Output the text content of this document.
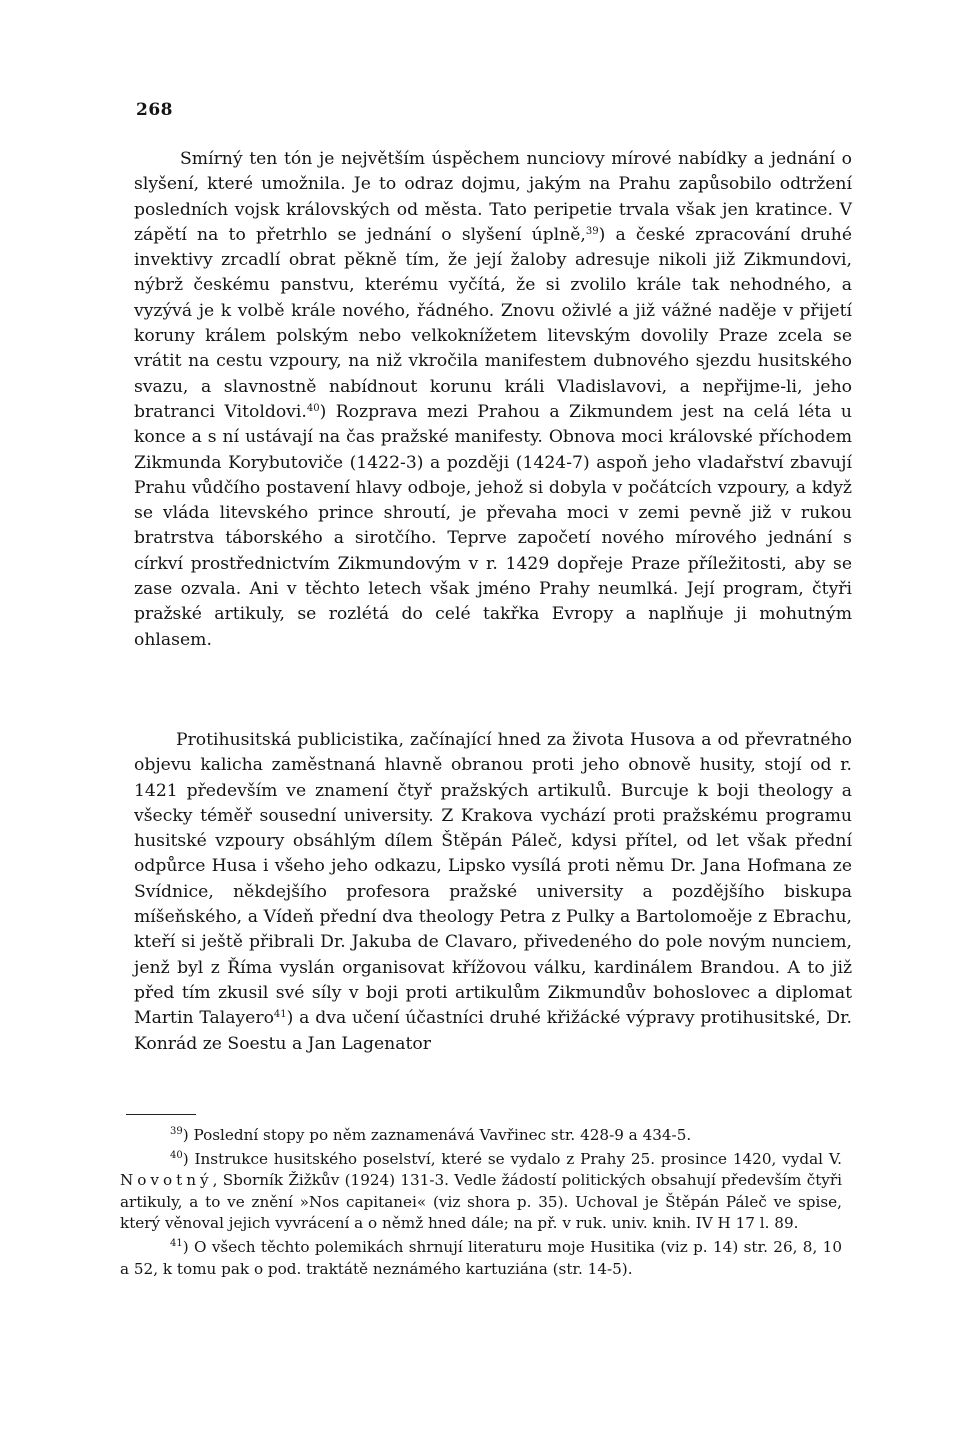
268

Smírný ten tón je největším úspěchem nunciovy mírové nabídky a jednání o slyšení, které umožnila. Je to odraz dojmu, jakým na Prahu zapůsobilo odtržení posledních vojsk královských od města. Tato peripetie trvala však jen kratince. V zápětí na to přetrhlo se jednání o slyšení úplně,$^{39}$) a české zpracování druhé invektivy zrcadlí obrat pěkně tím, že její žaloby adresuje nikoli již Zikmundovi, nýbrž českému panstvu, kterému vyčítá, že si zvolilo krále tak nehodného, a vyzývá je k volbě krále nového, řádného. Znovu oživlé a již vážné naděje v přijetí koruny králem polským nebo velkoknížetem litevským dovolily Praze zcela se vrátit na cestu vzpoury, na niž vkročila manifestem dubnového sjezdu husitského svazu, a slavnostně nabídnout korunu králi Vladislavovi, a nepřijme-li, jeho bratranci Vitoldovi.$^{40}$) Rozprava mezi Prahou a Zikmundem jest na celá léta u konce a s ní ustávají na čas pražské manifesty. Obnova moci královské příchodem Zikmunda Korybutoviče (1422-3) a později (1424-7) aspoň jeho vladařství zbavují Prahu vůdčího postavení hlavy odboje, jehož si dobyla v počátcích vzpoury, a když se vláda litevského prince shroutí, je převaha moci v zemi pevně již v rukou bratrstva táborského a sirotčího. Teprve započetí nového mírového jednání s církví prostřednictvím Zikmundovým v r. 1429 dopřeje Praze příležitosti, aby se zase ozvala. Ani v těchto letech však jméno Prahy neumlká. Její program, čtyři pražské artikuly, se rozlétá do celé takřka Evropy a naplňuje ji mohutným ohlasem.

Protihusitská publicistika, začínající hned za života Husova a od převratného objevu kalicha zaměstnaná hlavně obranou proti jeho obnově husity, stojí od r. 1421 především ve znamení čtyř pražských artikulů. Burcuje k boji theology a všecky téměř sousední university. Z Krakova vychází proti pražskému programu husitské vzpoury obsáhlým dílem Štěpán Páleč, kdysi přítel, od let však přední odpůrce Husa i všeho jeho odkazu, Lipsko vysílá proti němu Dr. Jana Hofmana ze Svídnice, někdejšího profesora pražské university a pozdějšího biskupa míšeňského, a Vídeň přední dva theology Petra z Pulky a Bartolomoěje z Ebrachu, kteří si ještě přibrali Dr. Jakuba de Clavaro, přivedeného do pole novým nunciem, jenž byl z Říma vyslán organisovat křížovou válku, kardinálem Brandou. A to již před tím zkusil své síly v boji proti artikulům Zikmundův bohoslovec a diplomat Martin Talayero$^{41}$) a dva učení účastníci druhé křižácké výpravy protihusitské, Dr. Konrád ze Soestu a Jan Lagenator

$^{39}$) Poslední stopy po něm zaznamenává Vavřinec str. 428-9 a 434-5.

$^{40}$) Instrukce husitského poselství, které se vydalo z Prahy 25. prosince 1420, vydal V. Novotný, Sborník Žižkův (1924) 131-3. Vedle žádostí politických obsahují především čtyři artikuly, a to ve znění »Nos capitanei« (viz shora p. 35). Uchoval je Štěpán Páleč ve spise, který věnoval jejich vyvrácení a o němž hned dále; na př. v ruk. univ. knih. IV H 17 l. 89.

$^{41}$) O všech těchto polemikách shrnují literaturu moje Husitika (viz p. 14) str. 26, 8, 10 a 52, k tomu pak o pod. traktátě neznámého kartuziána (str. 14-5).
